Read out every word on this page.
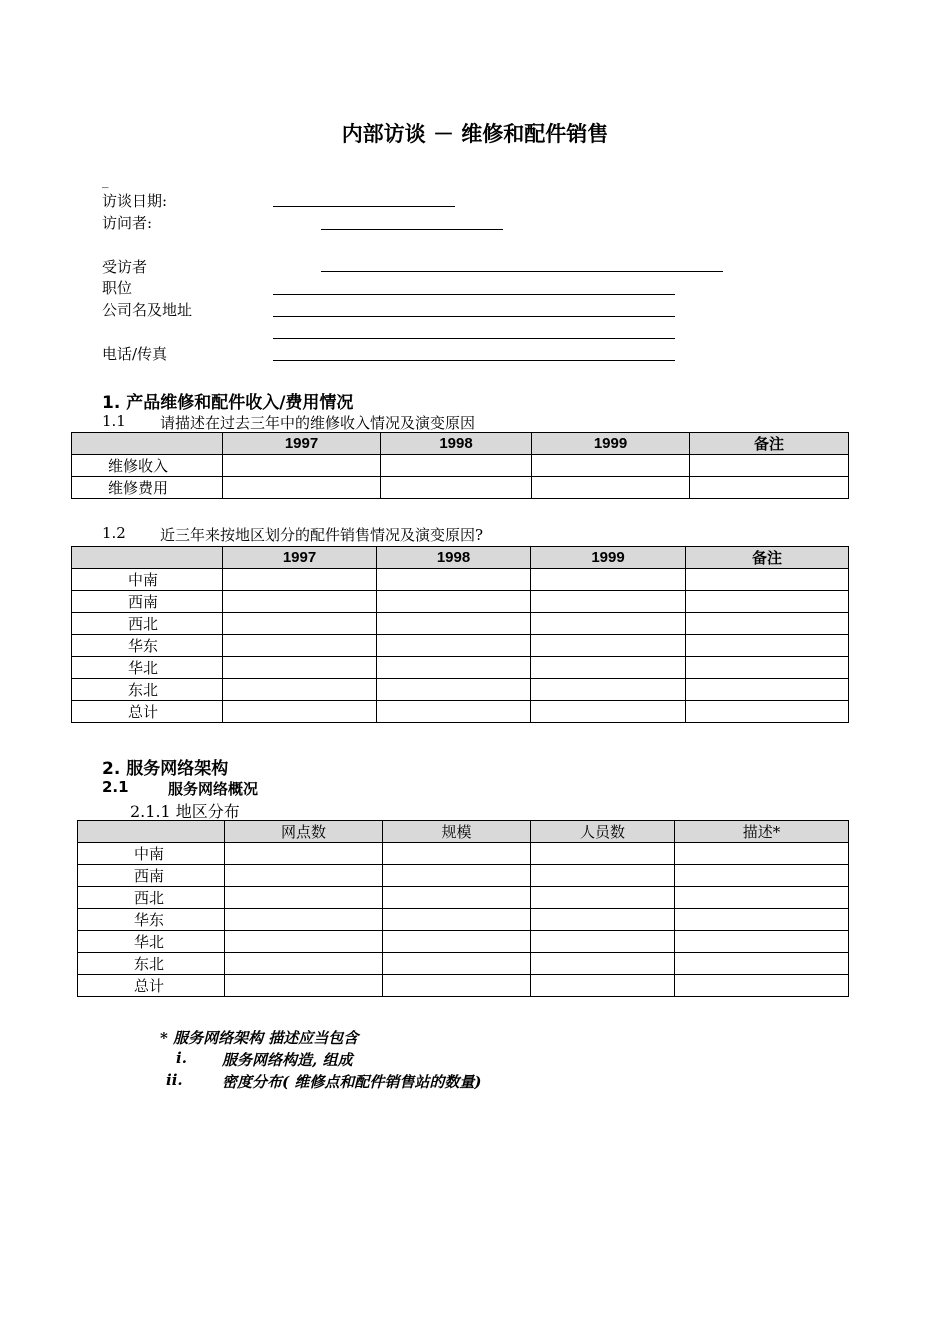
内部访谈 － 维修和配件销售
_
访谈日期:
访问者:
受访者
职位
公司名及地址
电话/传真
1. 产品维修和配件收入/费用情况
1.1 请描述在过去三年中的维修收入情况及演变原因
	1997	1998	1999	备注
维修收入				
维修费用				
1.2 近三年来按地区划分的配件销售情况及演变原因?
	1997	1998	1999	备注
中南				
西南				
西北				
华东				
华北				
东北				
总计				
2. 服务网络架构
2.1	服务网络概况
2.1.1 地区分布
	网点数	规模	人员数	描述*
中南				
西南				
西北				
华东				
华北				
东北				
总计				
* 服务网络架构 描述应当包含
i. 服务网络构造, 组成
ii.	密度分布( 维修点和配件销售站的数量)
